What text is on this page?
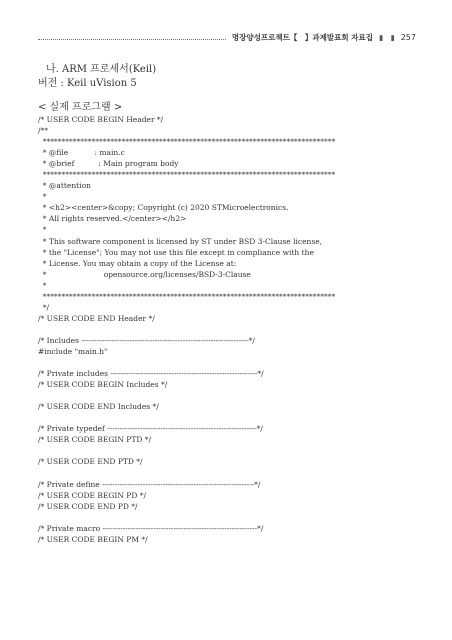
명장양성프로젝트【　】과제발표회 자료집 ▮　▮ 257
나. ARM 프로세서(Keil)
버전 : Keil uVision 5
< 실제 프로그램 >
/* USER CODE BEGIN Header */
/**
******************************************************************************
* @file           : main.c
* @brief          : Main program body
******************************************************************************
* @attention
*
* <h2><center>&copy; Copyright (c) 2020 STMicroelectronics.
* All rights reserved.</center></h2>
*
* This software component is licensed by ST under BSD 3-Clause license,
* the "License"; You may not use this file except in compliance with the
* License. You may obtain a copy of the License at:
*                        opensource.org/licenses/BSD-3-Clause
*
******************************************************************************
*/
/* USER CODE END Header */
/* Includes ------------------------------------------------------------------*/
#include "main.h"
/* Private includes ----------------------------------------------------------*/
/* USER CODE BEGIN Includes */
/* USER CODE END Includes */
/* Private typedef -----------------------------------------------------------*/
/* USER CODE BEGIN PTD */
/* USER CODE END PTD */
/* Private define ------------------------------------------------------------*/
/* USER CODE BEGIN PD */
/* USER CODE END PD */
/* Private macro -------------------------------------------------------------*/
/* USER CODE BEGIN PM */
